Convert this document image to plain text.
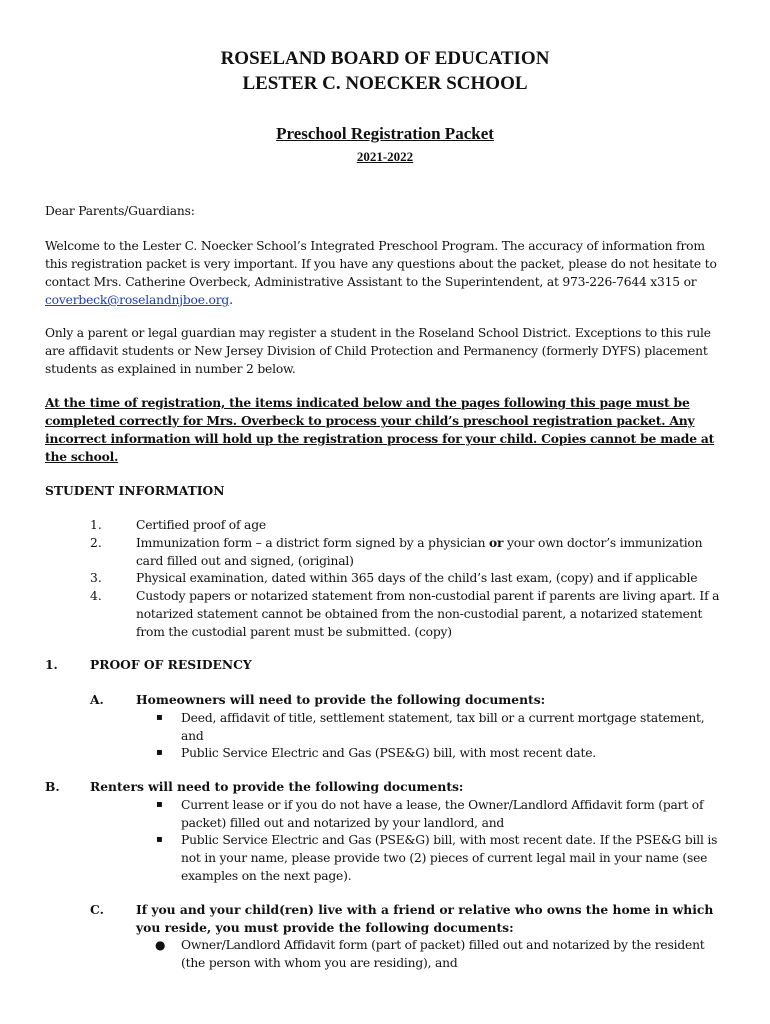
ROSELAND BOARD OF EDUCATION
LESTER C. NOECKER SCHOOL
Preschool Registration Packet
2021-2022
Dear Parents/Guardians:
Welcome to the Lester C. Noecker School’s Integrated Preschool Program. The accuracy of information from this registration packet is very important. If you have any questions about the packet, please do not hesitate to contact Mrs. Catherine Overbeck, Administrative Assistant to the Superintendent, at 973-226-7644 x315 or coverbeck@roselandnjboe.org.
Only a parent or legal guardian may register a student in the Roseland School District. Exceptions to this rule are affidavit students or New Jersey Division of Child Protection and Permanency (formerly DYFS) placement students as explained in number 2 below.
At the time of registration, the items indicated below and the pages following this page must be completed correctly for Mrs. Overbeck to process your child’s preschool registration packet. Any incorrect information will hold up the registration process for your child. Copies cannot be made at the school.
STUDENT INFORMATION
1.	Certified proof of age
2.	Immunization form – a district form signed by a physician or your own doctor’s immunization card filled out and signed, (original)
3.	Physical examination, dated within 365 days of the child’s last exam, (copy) and if applicable
4.	Custody papers or notarized statement from non-custodial parent if parents are living apart. If a notarized statement cannot be obtained from the non-custodial parent, a notarized statement from the custodial parent must be submitted. (copy)
1.	PROOF OF RESIDENCY
A.	Homeowners will need to provide the following documents:
▪ Deed, affidavit of title, settlement statement, tax bill or a current mortgage statement, and
▪ Public Service Electric and Gas (PSE&G) bill, with most recent date.
B. Renters will need to provide the following documents:
▪ Current lease or if you do not have a lease, the Owner/Landlord Affidavit form (part of packet) filled out and notarized by your landlord, and
▪ Public Service Electric and Gas (PSE&G) bill, with most recent date. If the PSE&G bill is not in your name, please provide two (2) pieces of current legal mail in your name (see examples on the next page).
C.	If you and your child(ren) live with a friend or relative who owns the home in which you reside, you must provide the following documents:
● Owner/Landlord Affidavit form (part of packet) filled out and notarized by the resident (the person with whom you are residing), and
